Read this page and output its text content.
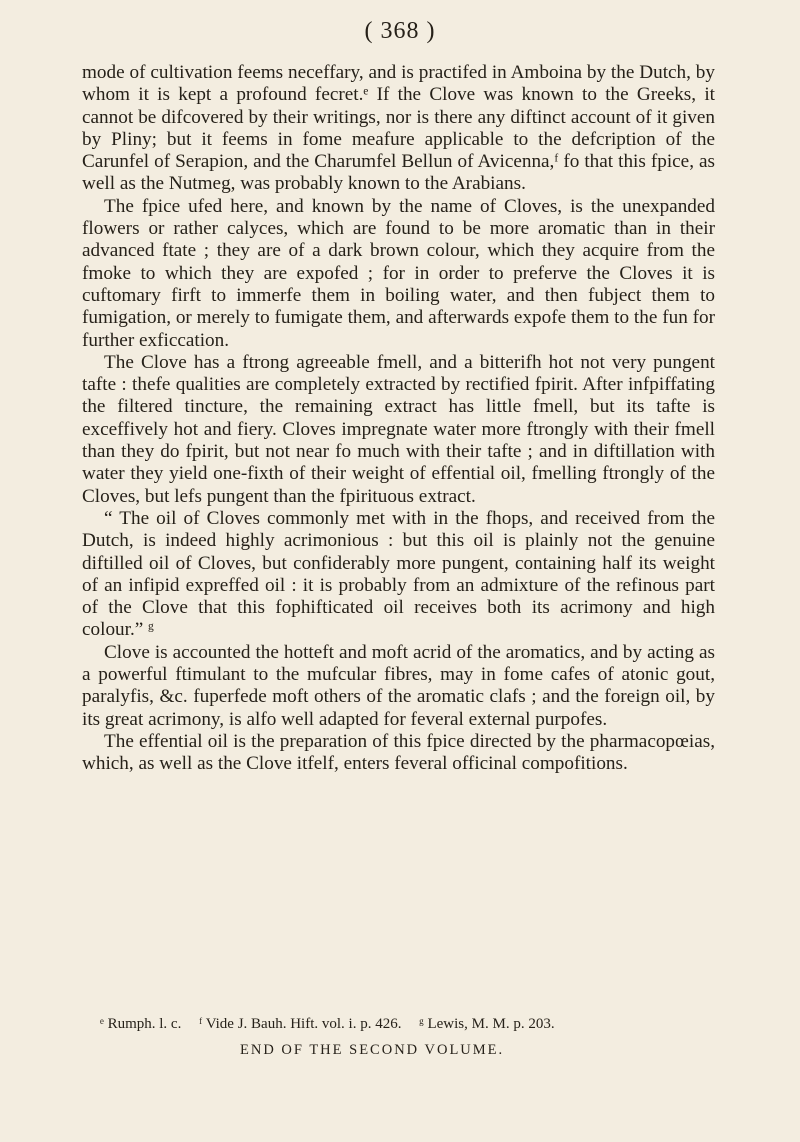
( 368 )

mode of cultivation feems neceffary, and is practifed in Amboina by the Dutch, by whom it is kept a profound fecret.ᵉ If the Clove was known to the Greeks, it cannot be difcovered by their writings, nor is there any diftinct account of it given by Pliny; but it feems in fome meafure applicable to the defcription of the Carunfel of Serapion, and the Charumfel Bellun of Avicenna,ᶠ fo that this fpice, as well as the Nutmeg, was probably known to the Arabians.

The fpice ufed here, and known by the name of Cloves, is the unexpanded flowers or rather calyces, which are found to be more aromatic than in their advanced ftate ; they are of a dark brown colour, which they acquire from the fmoke to which they are expofed ; for in order to preferve the Cloves it is cuftomary firft to immerfe them in boiling water, and then fubject them to fumigation, or merely to fumigate them, and afterwards expofe them to the fun for further exficcation.

The Clove has a ftrong agreeable fmell, and a bitterifh hot not very pungent tafte : thefe qualities are completely extracted by rectified fpirit. After infpiffating the filtered tincture, the remaining extract has little fmell, but its tafte is exceffively hot and fiery. Cloves impregnate water more ftrongly with their fmell than they do fpirit, but not near fo much with their tafte ; and in diftillation with water they yield one-fixth of their weight of effential oil, fmelling ftrongly of the Cloves, but lefs pungent than the fpirituous extract.

“ The oil of Cloves commonly met with in the fhops, and received from the Dutch, is indeed highly acrimonious : but this oil is plainly not the genuine diftilled oil of Cloves, but confiderably more pungent, containing half its weight of an infipid expreffed oil : it is probably from an admixture of the refinous part of the Clove that this fophifticated oil receives both its acrimony and high colour.” ᵍ

Clove is accounted the hotteft and moft acrid of the aromatics, and by acting as a powerful ftimulant to the mufcular fibres, may in fome cafes of atonic gout, paralyfis, &c. fuperfede moft others of the aromatic clafs ; and the foreign oil, by its great acrimony, is alfo well adapted for feveral external purpofes.

The effential oil is the preparation of this fpice directed by the pharmacopœias, which, as well as the Clove itfelf, enters feveral officinal compofitions.

ᵉ Rumph. l. c. ᶠ Vide J. Bauh. Hift. vol. i. p. 426. ᵍ Lewis, M. M. p. 203.
END OF THE SECOND VOLUME.
